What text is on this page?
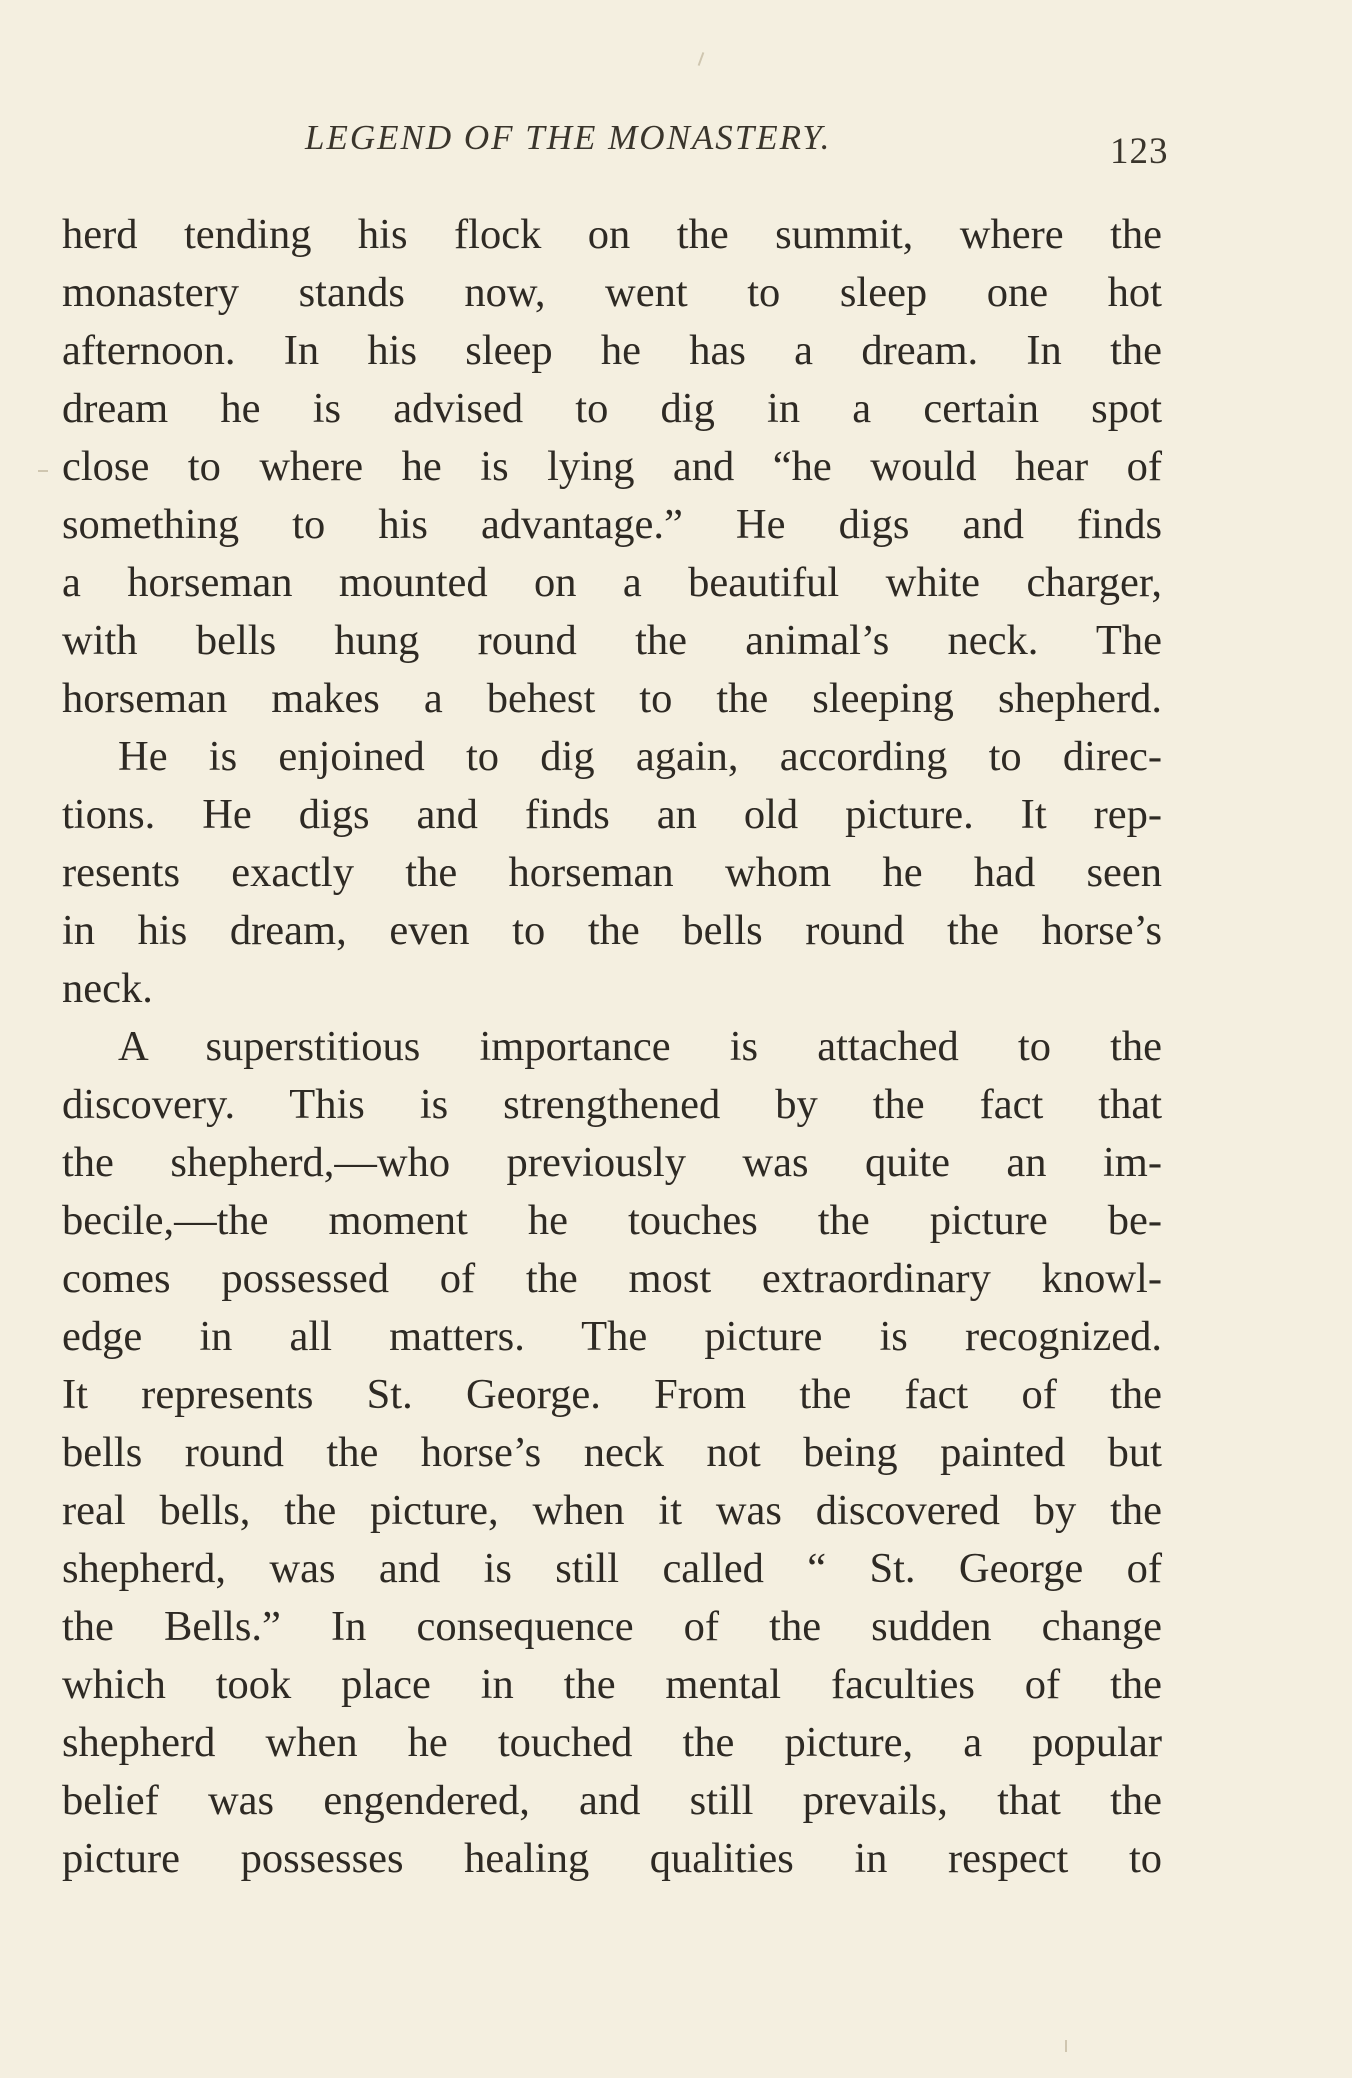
LEGEND OF THE MONASTERY.	123
herd tending his flock on the summit, where the
monastery stands now, went to sleep one hot
afternoon. In his sleep he has a dream. In the
dream he is advised to dig in a certain spot
close to where he is lying and “he would hear of
something to his advantage.” He digs and finds
a horseman mounted on a beautiful white charger,
with bells hung round the animal’s neck. The
horseman makes a behest to the sleeping shepherd.
He is enjoined to dig again, according to direc-
tions. He digs and finds an old picture. It rep-
resents exactly the horseman whom he had seen
in his dream, even to the bells round the horse’s
neck.
A superstitious importance is attached to the
discovery. This is strengthened by the fact that
the shepherd,—who previously was quite an im-
becile,—the moment he touches the picture be-
comes possessed of the most extraordinary knowl-
edge in all matters. The picture is recognized.
It represents St. George. From the fact of the
bells round the horse’s neck not being painted but
real bells, the picture, when it was discovered by the
shepherd, was and is still called “ St. George of
the Bells.” In consequence of the sudden change
which took place in the mental faculties of the
shepherd when he touched the picture, a popular
belief was engendered, and still prevails, that the
picture possesses healing qualities in respect to
